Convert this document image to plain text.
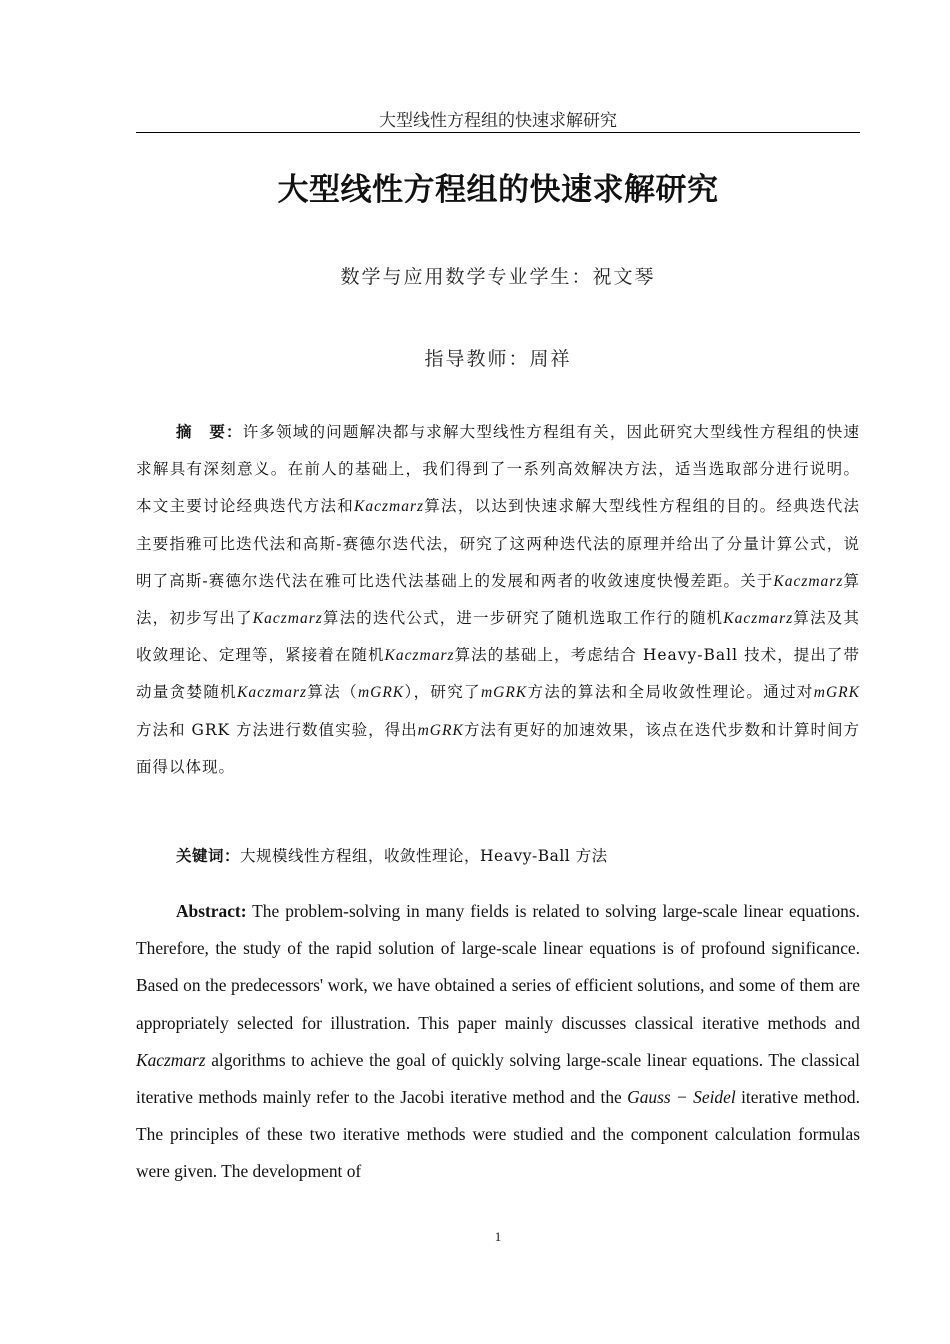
大型线性方程组的快速求解研究
大型线性方程组的快速求解研究
数学与应用数学专业学生：祝文琴
指导教师：周祥

摘　要：许多领域的问题解决都与求解大型线性方程组有关，因此研究大型线性方程组的快速求解具有深刻意义。在前人的基础上，我们得到了一系列高效解决方法，适当选取部分进行说明。本文主要讨论经典迭代方法和Kaczmarz算法，以达到快速求解大型线性方程组的目的。经典迭代法主要指雅可比迭代法和高斯-赛德尔迭代法，研究了这两种迭代法的原理并给出了分量计算公式，说明了高斯-赛德尔迭代法在雅可比迭代法基础上的发展和两者的收敛速度快慢差距。关于Kaczmarz算法，初步写出了Kaczmarz算法的迭代公式，进一步研究了随机选取工作行的随机Kaczmarz算法及其收敛理论、定理等，紧接着在随机Kaczmarz算法的基础上，考虑结合 Heavy-Ball 技术，提出了带动量贪婪随机Kaczmarz算法（mGRK），研究了mGRK方法的算法和全局收敛性理论。通过对mGRK方法和 GRK 方法进行数值实验，得出mGRK方法有更好的加速效果，该点在迭代步数和计算时间方面得以体现。

关键词：大规模线性方程组，收敛性理论，Heavy-Ball 方法

Abstract: The problem-solving in many fields is related to solving large-scale linear equations. Therefore, the study of the rapid solution of large-scale linear equations is of profound significance. Based on the predecessors' work, we have obtained a series of efficient solutions, and some of them are appropriately selected for illustration. This paper mainly discusses classical iterative methods and Kaczmarz algorithms to achieve the goal of quickly solving large-scale linear equations. The classical iterative methods mainly refer to the Jacobi iterative method and the Gauss − Seidel iterative method. The principles of these two iterative methods were studied and the component calculation formulas were given. The development of

1
